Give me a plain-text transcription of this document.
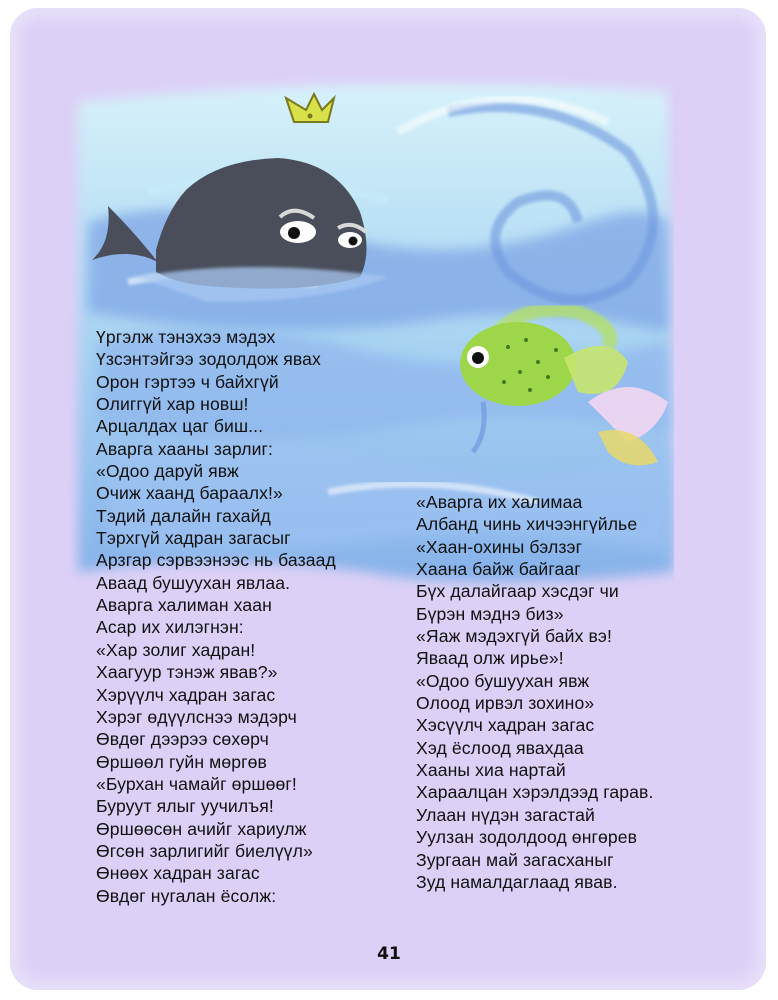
Үргэлж тэнэхээ мэдэх
Үзсэнтэйгээ зодолдож явах
Орон гэртээ ч байхгүй
Олиггүй хар новш!
Арцалдах цаг биш...
Аварга хааны зарлиг:
«Одоо даруй явж
Очиж хаанд бараалх!»
Тэдий далайн гахайд
Тэрхгүй хадран загасыг
Арзгар сэрвээнээс нь базаад
Аваад бушуухан явлаа.
Аварга халиман хаан
Асар их хилэгнэн:
«Хар золиг хадран!
Хаагуур тэнэж явав?»
Хэрүүлч хадран загас
Хэрэг өдүүлснээ мэдэрч
Өвдөг дээрээ сөхөрч
Өршөөл гуйн мөргөв
«Бурхан чамайг өршөөг!
Буруут ялыг уучилъя!
Өршөөсөн ачийг хариулж
Өгсөн зарлигийг биелүүл»
Өнөөх хадран загас
Өвдөг нугалан ёсолж:
«Аварга их халимаа
Албанд чинь хичээнгүйлье
«Хаан-охины бэлзэг
Хаана байж байгааг
Бүх далайгаар хэсдэг чи
Бүрэн мэднэ биз»
«Яаж мэдэхгүй байх вэ!
Яваад олж ирье»!
«Одоо бушуухан явж
Олоод ирвэл зохино»
Хэсүүлч хадран загас
Хэд ёслоод явахдаа
Хааны хиа нартай
Хараалцан хэрэлдээд гарав.
Улаан нүдэн загастай
Уулзан зодолдоод өнгөрев
Зургаан май загасханыг
Зуд намалдаглаад явав.
41
